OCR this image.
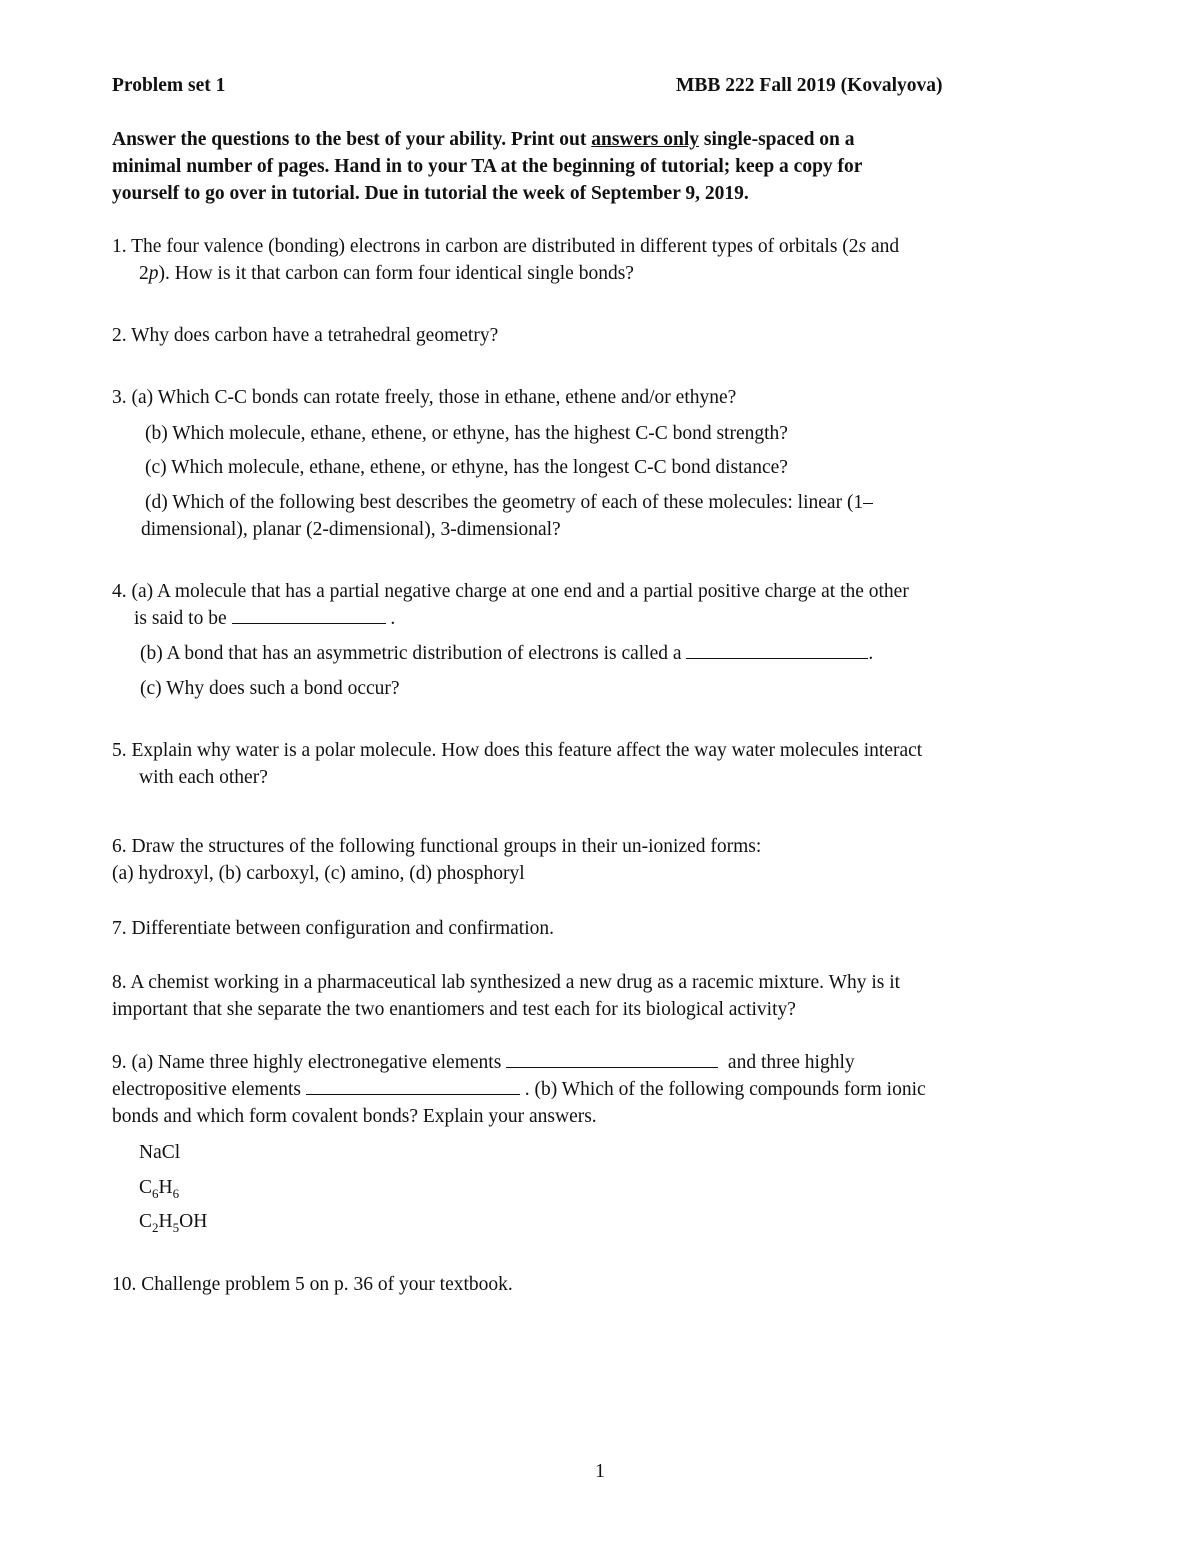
Problem set 1	MBB 222 Fall 2019 (Kovalyova)
Answer the questions to the best of your ability. Print out answers only single-spaced on a
minimal number of pages. Hand in to your TA at the beginning of tutorial; keep a copy for
yourself to go over in tutorial. Due in tutorial the week of September 9, 2019.
1. The four valence (bonding) electrons in carbon are distributed in different types of orbitals (2s and
2p). How is it that carbon can form four identical single bonds?
2. Why does carbon have a tetrahedral geometry?
3. (a) Which C-C bonds can rotate freely, those in ethane, ethene and/or ethyne?
(b) Which molecule, ethane, ethene, or ethyne, has the highest C-C bond strength?
(c) Which molecule, ethane, ethene, or ethyne, has the longest C-C bond distance?
(d) Which of the following best describes the geometry of each of these molecules: linear (1–
dimensional), planar (2-dimensional), 3-dimensional?
4. (a) A molecule that has a partial negative charge at one end and a partial positive charge at the other
is said to be	.
(b) A bond that has an asymmetric distribution of electrons is called a	.
(c) Why does such a bond occur?
5. Explain why water is a polar molecule. How does this feature affect the way water molecules interact
with each other?
6. Draw the structures of the following functional groups in their un-ionized forms:
(a) hydroxyl, (b) carboxyl, (c) amino, (d) phosphoryl
7. Differentiate between configuration and confirmation.
8. A chemist working in a pharmaceutical lab synthesized a new drug as a racemic mixture. Why is it
important that she separate the two enantiomers and test each for its biological activity?
9. (a) Name three highly electronegative elements	and three highly
electropositive elements	. (b) Which of the following compounds form ionic
bonds and which form covalent bonds? Explain your answers.
NaCl
$C_6H_6$
$C_2H_5OH$
10. Challenge problem 5 on p. 36 of your textbook.
1
